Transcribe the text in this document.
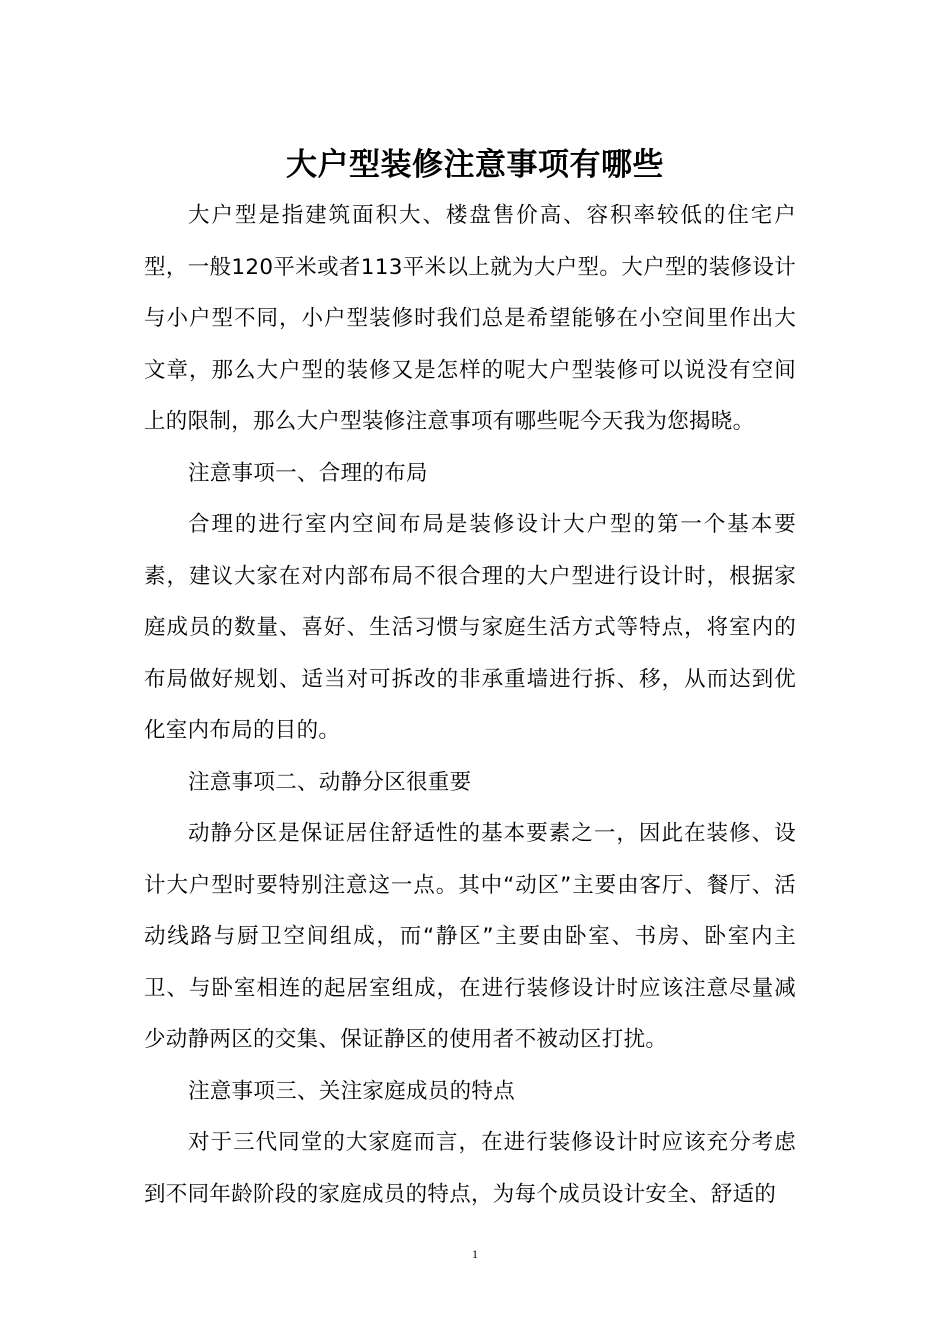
大户型装修注意事项有哪些

大户型是指建筑面积大、楼盘售价高、容积率较低的住宅户型，一般120平米或者113平米以上就为大户型。大户型的装修设计与小户型不同，小户型装修时我们总是希望能够在小空间里作出大文章，那么大户型的装修又是怎样的呢大户型装修可以说没有空间上的限制，那么大户型装修注意事项有哪些呢今天我为您揭晓。

注意事项一、合理的布局

合理的进行室内空间布局是装修设计大户型的第一个基本要素，建议大家在对内部布局不很合理的大户型进行设计时，根据家庭成员的数量、喜好、生活习惯与家庭生活方式等特点，将室内的布局做好规划、适当对可拆改的非承重墙进行拆、移，从而达到优化室内布局的目的。

注意事项二、动静分区很重要

动静分区是保证居住舒适性的基本要素之一，因此在装修、设计大户型时要特别注意这一点。其中“动区”主要由客厅、餐厅、活动线路与厨卫空间组成，而“静区”主要由卧室、书房、卧室内主卫、与卧室相连的起居室组成，在进行装修设计时应该注意尽量减少动静两区的交集、保证静区的使用者不被动区打扰。

注意事项三、关注家庭成员的特点

对于三代同堂的大家庭而言，在进行装修设计时应该充分考虑到不同年龄阶段的家庭成员的特点，为每个成员设计安全、舒适的

1
